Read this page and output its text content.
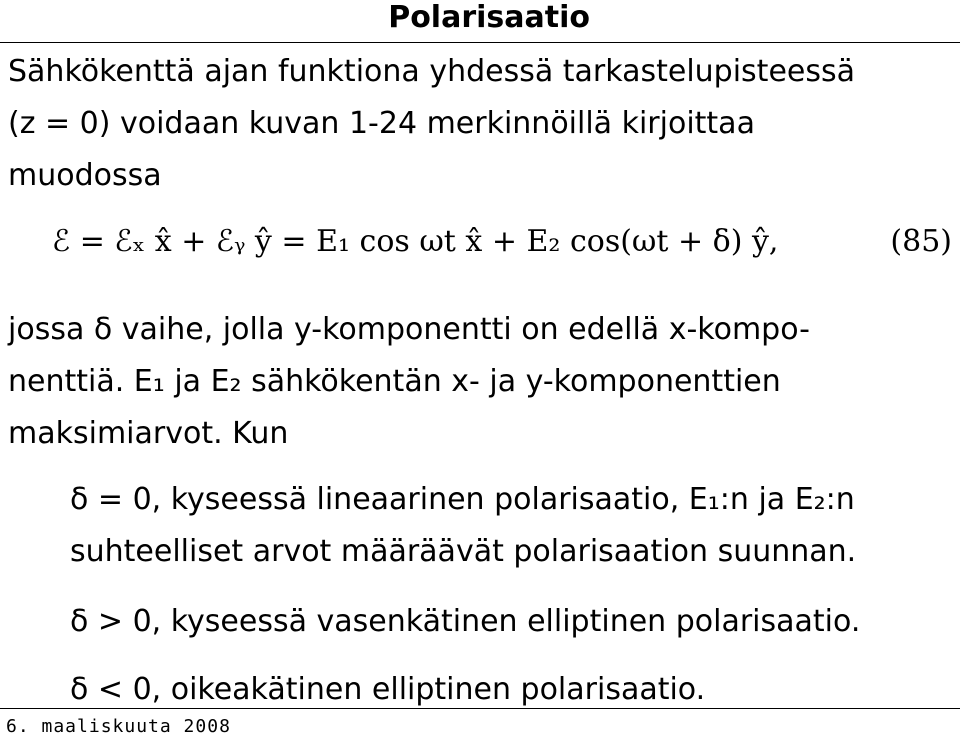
Polarisaatio
Sähkökenttä ajan funktiona yhdessä tarkastelupisteessä
(z = 0) voidaan kuvan 1-24 merkinnöillä kirjoittaa
muodossa
ℰ = ℰₓ x̂ + ℰᵧ ŷ = E₁ cos ωt x̂ + E₂ cos(ωt + δ) ŷ,	(85)
jossa δ vaihe, jolla y-komponentti on edellä x-kompo-
nenttiä. E₁ ja E₂ sähkökentän x- ja y-komponenttien
maksimiarvot. Kun
δ = 0, kyseessä lineaarinen polarisaatio, E₁:n ja E₂:n
suhteelliset arvot määräävät polarisaation suunnan.
δ > 0, kyseessä vasenkätinen elliptinen polarisaatio.
δ < 0, oikeakätinen elliptinen polarisaatio.
6. maaliskuuta 2008
